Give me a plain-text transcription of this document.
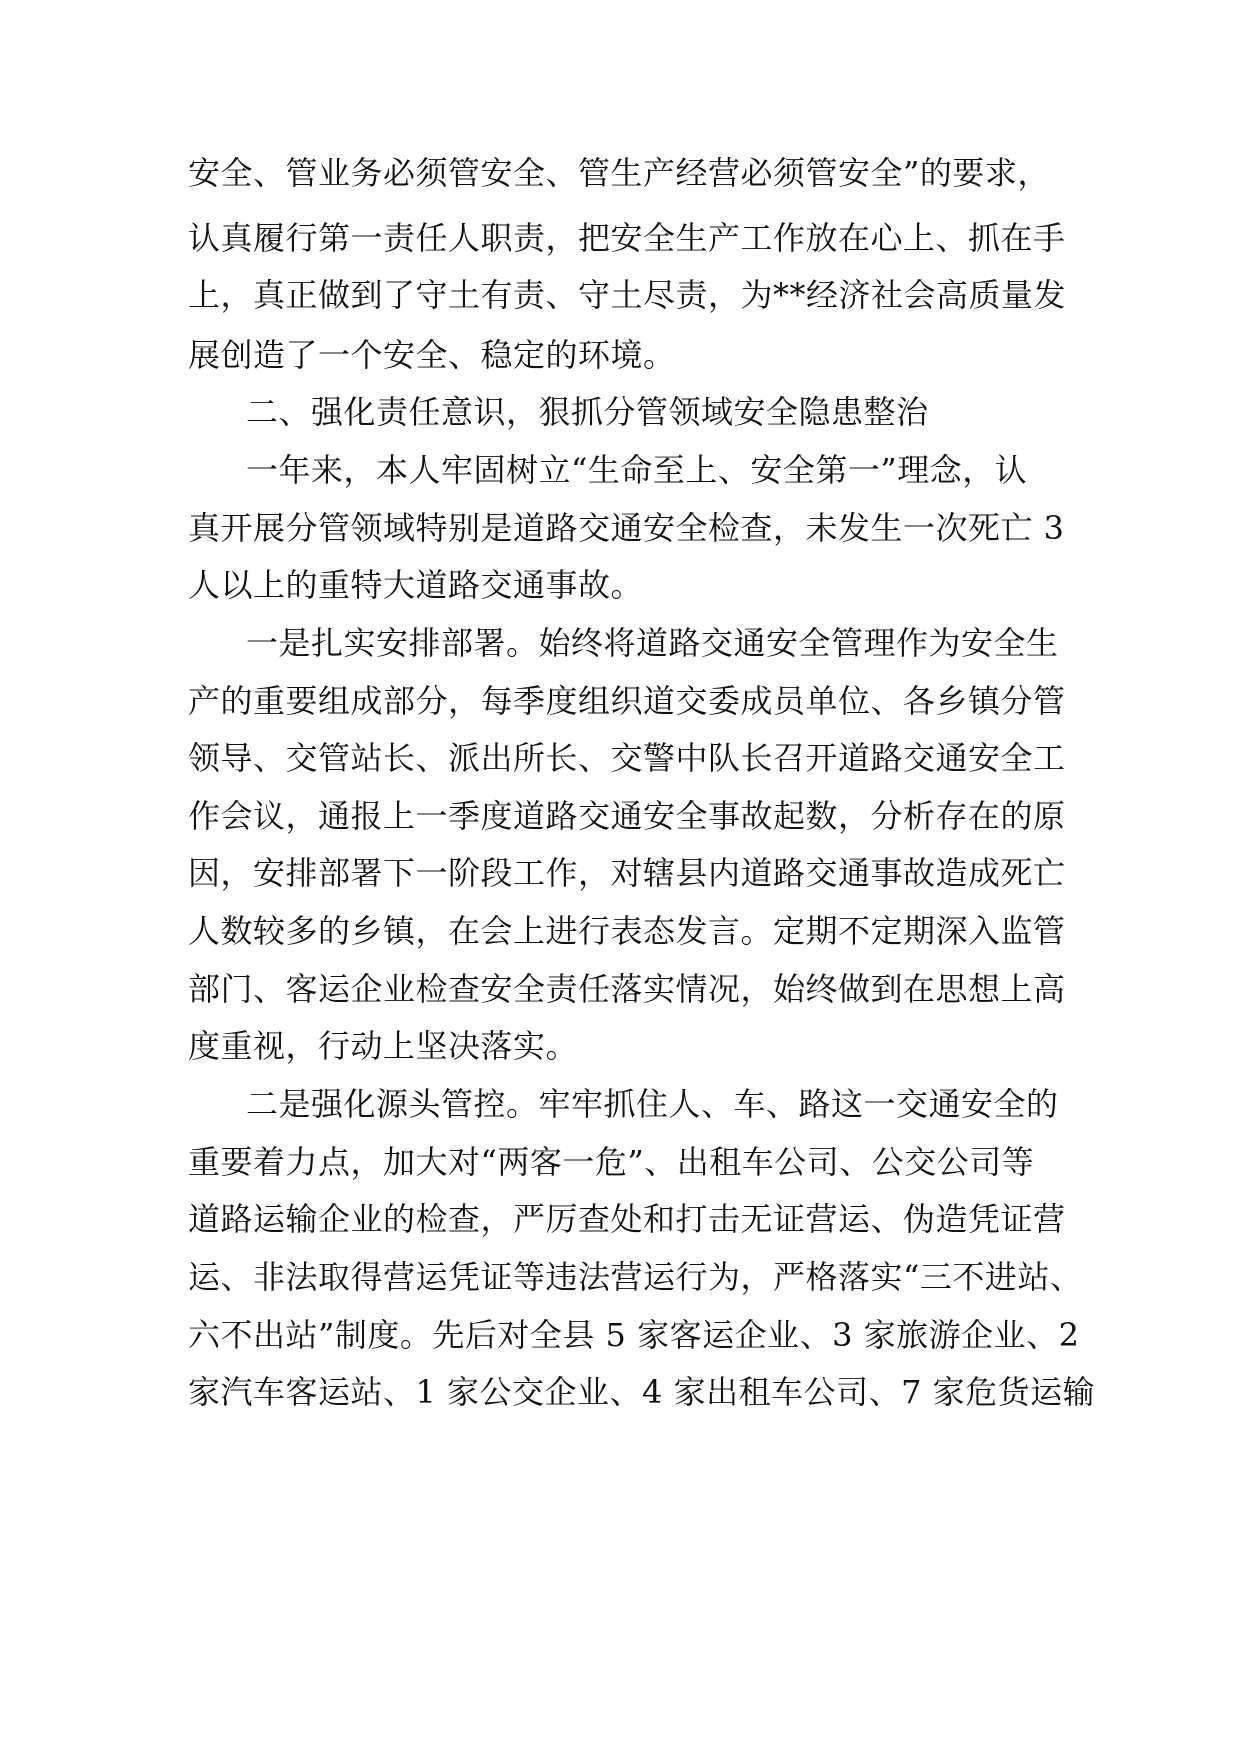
安全、管业务必须管安全、管生产经营必须管安全”的要求，
认真履行第一责任人职责，把安全生产工作放在心上、抓在手
上，真正做到了守土有责、守土尽责，为**经济社会高质量发
展创造了一个安全、稳定的环境。
二、强化责任意识，狠抓分管领域安全隐患整治
一年来，本人牢固树立“生命至上、安全第一”理念，认
真开展分管领域特别是道路交通安全检查，未发生一次死亡 3
人以上的重特大道路交通事故。
一是扎实安排部署。始终将道路交通安全管理作为安全生
产的重要组成部分，每季度组织道交委成员单位、各乡镇分管
领导、交管站长、派出所长、交警中队长召开道路交通安全工
作会议，通报上一季度道路交通安全事故起数，分析存在的原
因，安排部署下一阶段工作，对辖县内道路交通事故造成死亡
人数较多的乡镇，在会上进行表态发言。定期不定期深入监管
部门、客运企业检查安全责任落实情况，始终做到在思想上高
度重视，行动上坚决落实。
二是强化源头管控。牢牢抓住人、车、路这一交通安全的
重要着力点，加大对“两客一危”、出租车公司、公交公司等
道路运输企业的检查，严厉查处和打击无证营运、伪造凭证营
运、非法取得营运凭证等违法营运行为，严格落实“三不进站、
六不出站”制度。先后对全县 5 家客运企业、3 家旅游企业、2
家汽车客运站、1 家公交企业、4 家出租车公司、7 家危货运输
